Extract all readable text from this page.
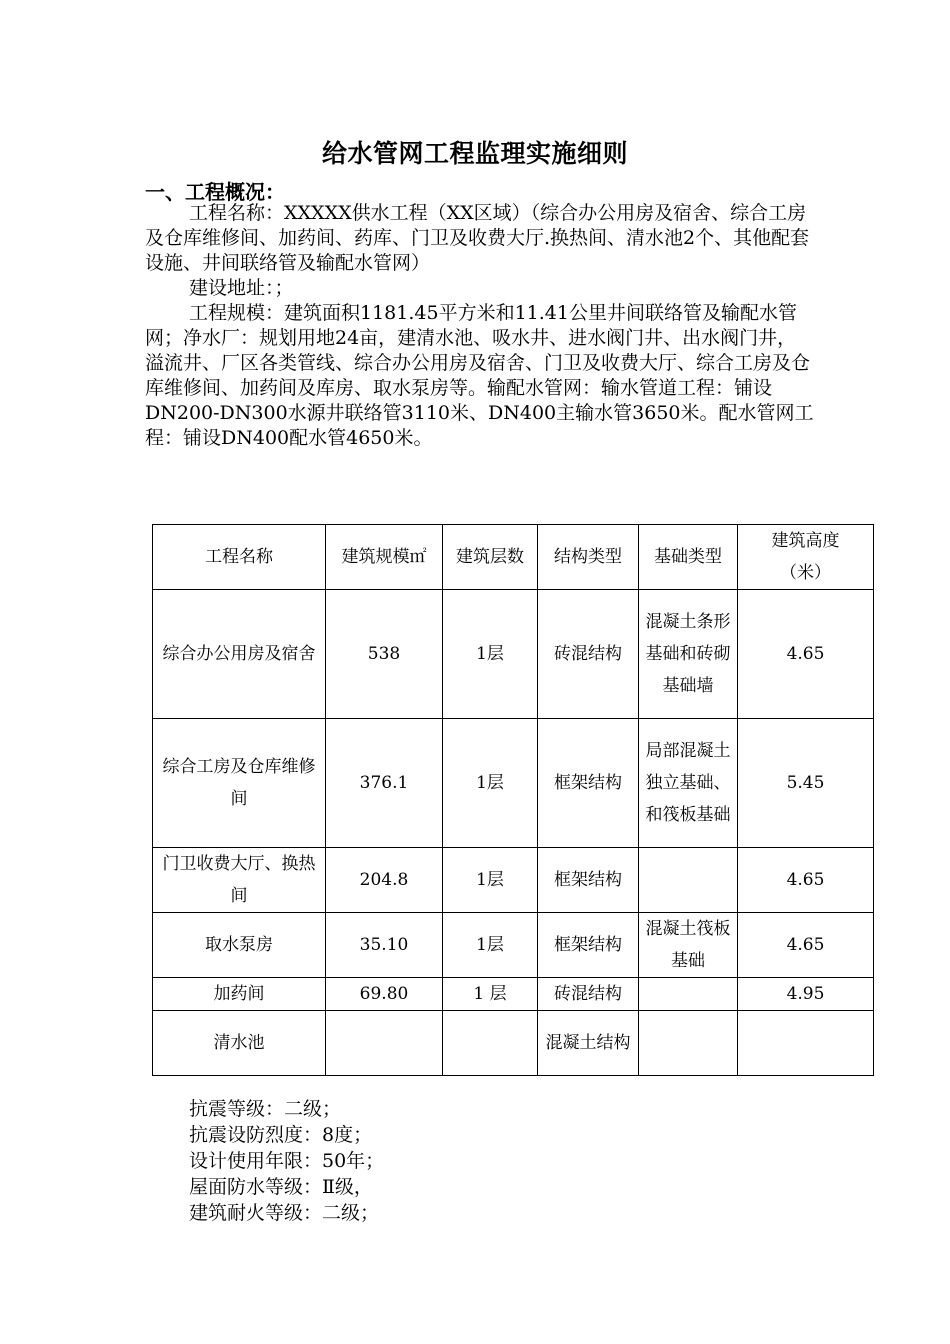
给水管网工程监理实施细则
一、工程概况：

工程名称：XXXXX供水工程（XX区域）（综合办公用房及宿舍、综合工房及仓库维修间、加药间、药库、门卫及收费大厅.换热间、清水池2个、其他配套设施、井间联络管及输配水管网）

建设地址：；

工程规模：建筑面积1181.45平方米和11.41公里井间联络管及输配水管网；净水厂：规划用地24亩，建清水池、吸水井、进水阀门井、出水阀门井，溢流井、厂区各类管线、综合办公用房及宿舍、门卫及收费大厅、综合工房及仓库维修间、加药间及库房、取水泵房等。输配水管网：输水管道工程：铺设DN200-DN300水源井联络管3110米、DN400主输水管3650米。配水管网工程：铺设DN400配水管4650米。

工程名称	建筑规模㎡	建筑层数	结构类型	基础类型	建筑高度（米）
综合办公用房及宿舍	538	1层	砖混结构	混凝土条形基础和砖砌基础墙	4.65
综合工房及仓库维修间	376.1	1层	框架结构	局部混凝土独立基础、和筏板基础	5.45
门卫收费大厅、换热间	204.8	1层	框架结构		4.65
取水泵房	35.10	1层	框架结构	混凝土筏板基础	4.65
加药间	69.80	1 层	砖混结构		4.95
清水池			混凝土结构		
抗震等级：二级；
抗震设防烈度：8度；
设计使用年限：50年；
屋面防水等级：Ⅱ级，
建筑耐火等级：二级；
